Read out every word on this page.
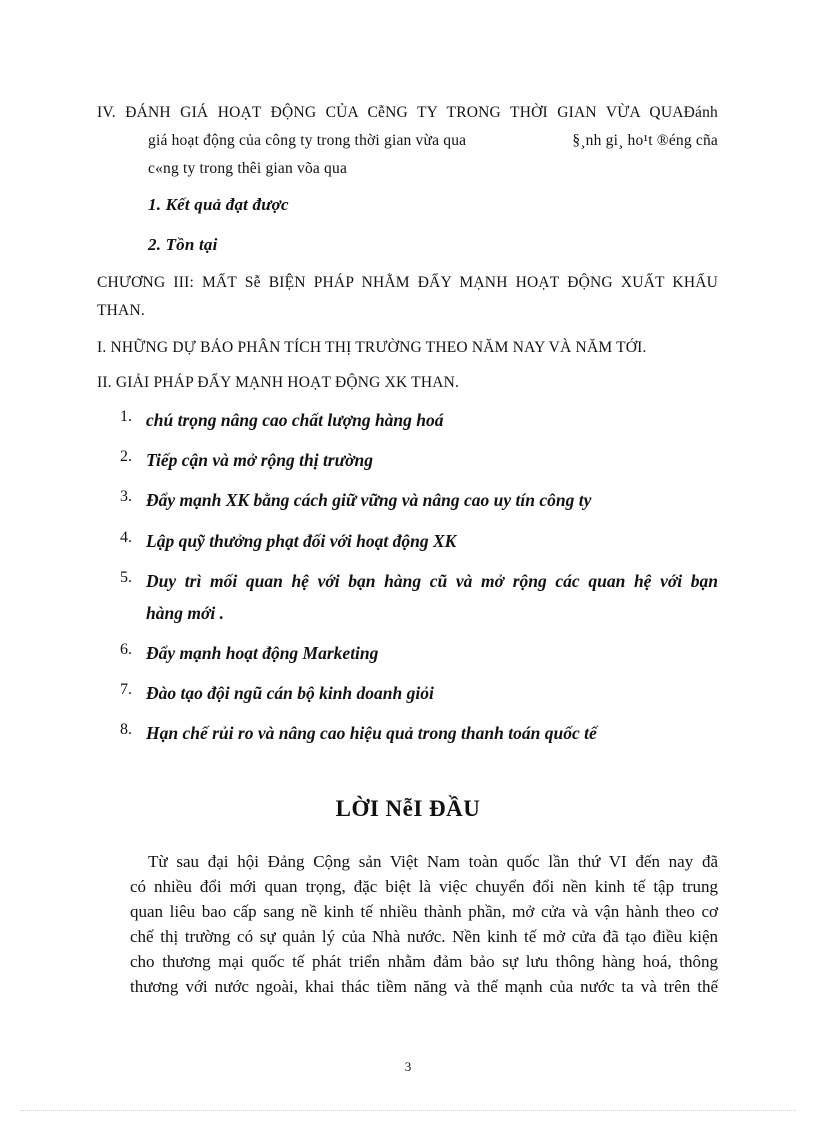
IV. ĐÁNH GIÁ HOẠT ĐỘNG CỦA CễNG TY TRONG THỜI GIAN VỪA QUAĐánh
giá hoạt động của công ty trong thời gian vừa qua	§¸nh gi¸ ho¹t ®éng cña
c«ng ty trong thêi gian võa qua
1. Kết quả đạt được
2. Tồn tại
CHƯƠNG III: MẤT Sễ BIỆN PHÁP NHẰM ĐẨY MẠNH HOẠT ĐỘNG XUẤT KHẨU
THAN.
I. NHỮNG DỰ BÁO PHÂN TÍCH THỊ TRƯỜNG THEO NĂM NAY VÀ NĂM TỚI.
II. GIẢI PHÁP ĐẨY MẠNH HOẠT ĐỘNG XK THAN.
1. chú trọng nâng cao chất lượng hàng hoá
2. Tiếp cận và mở rộng thị trường
3. Đẩy mạnh XK bằng cách giữ vững và nâng cao uy tín công ty
4. Lập quỹ thưởng phạt đối với hoạt động XK
5. Duy trì mối quan hệ với bạn hàng cũ và mở rộng các quan hệ với bạn
hàng mới .
6. Đẩy mạnh hoạt động Marketing
7. Đào tạo đội ngũ cán bộ kinh doanh giỏi
8. Hạn chế rủi ro và nâng cao hiệu quả trong thanh toán quốc tế
LỜI NễI ĐẦU
Từ sau đại hội Đảng Cộng sản Việt Nam toàn quốc lần thứ VI đến nay đã
có nhiều đổi mới quan trọng, đặc biệt là việc chuyển đổi nền kinh tế tập trung
quan liêu bao cấp sang nề kinh tế nhiều thành phần, mở cửa và vận hành theo cơ
chế thị trường có sự quản lý của Nhà nước. Nền kinh tế mở cửa đã tạo điều kiện
cho thương mại quốc tế phát triển nhằm đảm bảo sự lưu thông hàng hoá, thông
thương với nước ngoài, khai thác tiềm năng và thế mạnh của nước ta và trên thế
3
